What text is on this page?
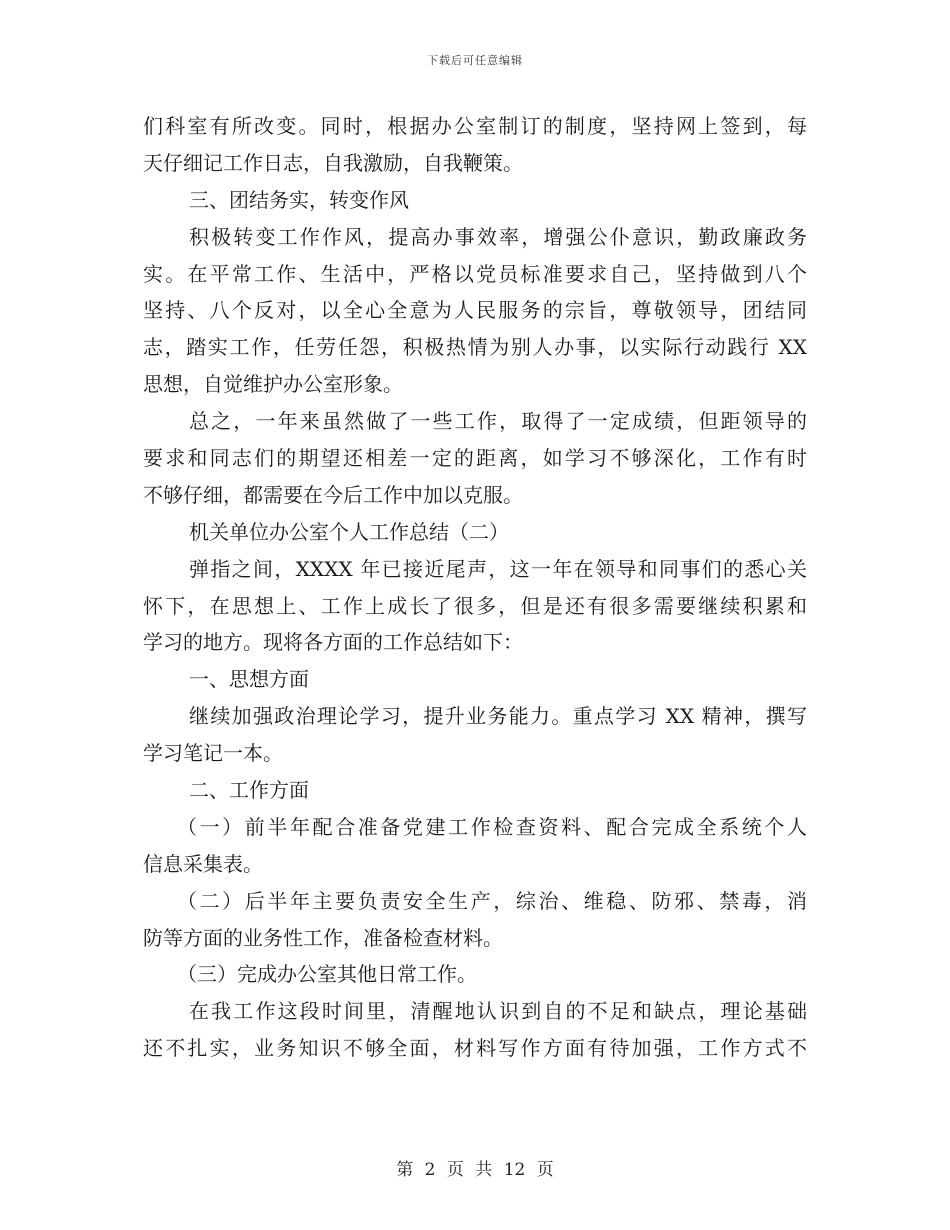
下载后可任意编辑
们科室有所改变。同时，根据办公室制订的制度，坚持网上签到，每
天仔细记工作日志，自我激励，自我鞭策。
三、团结务实，转变作风
积极转变工作作风，提高办事效率，增强公仆意识，勤政廉政务
实。在平常工作、生活中，严格以党员标准要求自己，坚持做到八个
坚持、八个反对，以全心全意为人民服务的宗旨，尊敬领导，团结同
志，踏实工作，任劳任怨，积极热情为别人办事，以实际行动践行 XX
思想，自觉维护办公室形象。
总之，一年来虽然做了一些工作，取得了一定成绩，但距领导的
要求和同志们的期望还相差一定的距离，如学习不够深化，工作有时
不够仔细，都需要在今后工作中加以克服。
机关单位办公室个人工作总结（二）
弹指之间，XXXX 年已接近尾声，这一年在领导和同事们的悉心关
怀下，在思想上、工作上成长了很多，但是还有很多需要继续积累和
学习的地方。现将各方面的工作总结如下：
一、思想方面
继续加强政治理论学习，提升业务能力。重点学习 XX 精神，撰写
学习笔记一本。
二、工作方面
（一）前半年配合准备党建工作检查资料、配合完成全系统个人
信息采集表。
（二）后半年主要负责安全生产，综治、维稳、防邪、禁毒，消
防等方面的业务性工作，准备检查材料。
（三）完成办公室其他日常工作。
在我工作这段时间里，清醒地认识到自的不足和缺点，理论基础
还不扎实，业务知识不够全面，材料写作方面有待加强，工作方式不
第 2 页 共 12 页
